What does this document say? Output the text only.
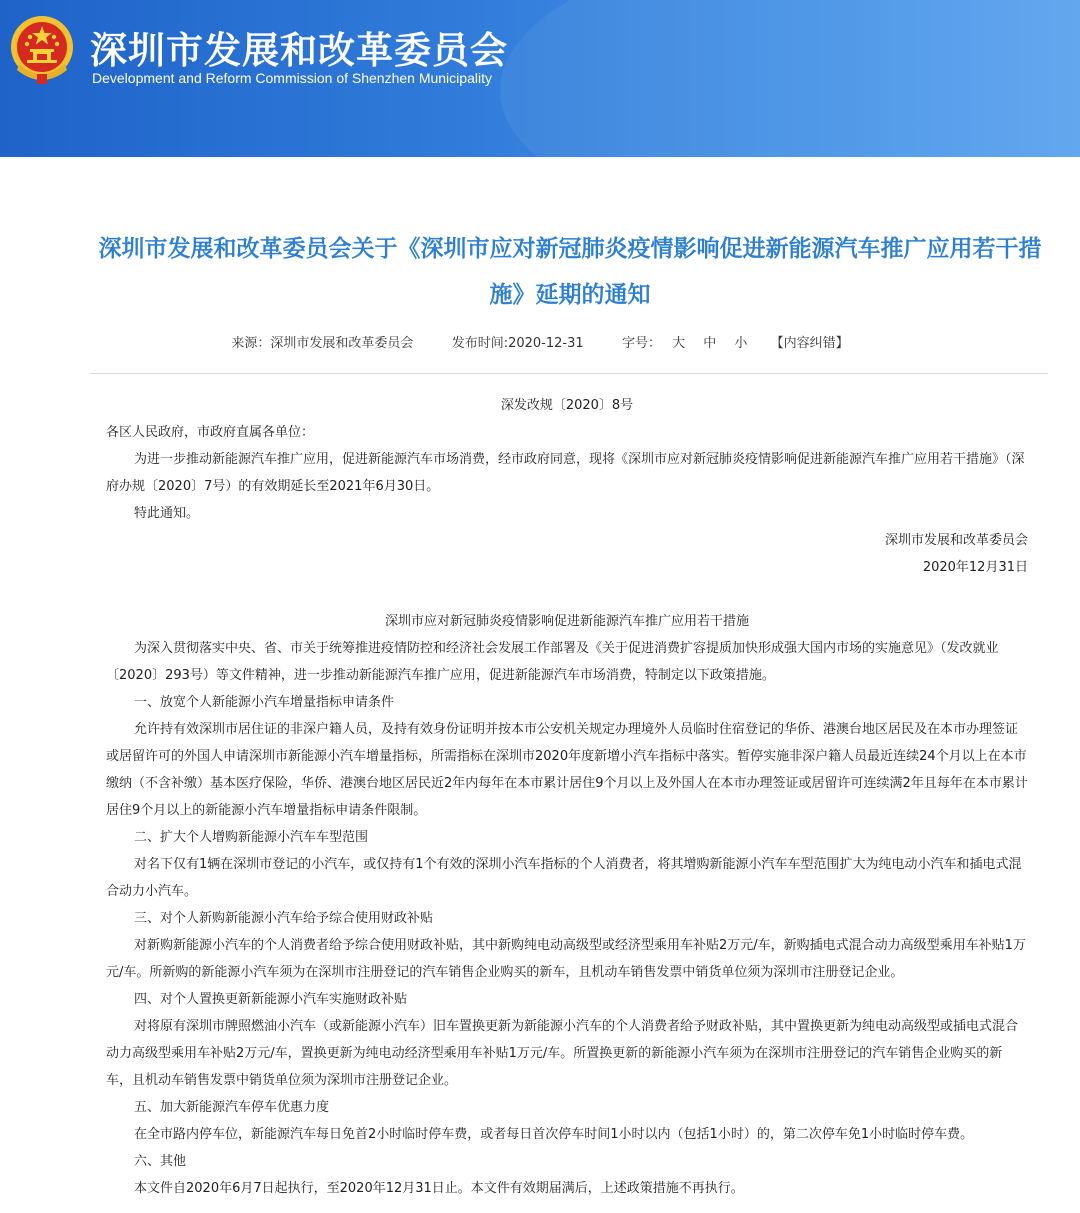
深圳市发展和改革委员会
Development and Reform Commission of Shenzhen Municipality
深圳市发展和改革委员会关于《深圳市应对新冠肺炎疫情影响促进新能源汽车推广应用若干措施》延期的通知
来源：深圳市发展和改革委员会	发布时间:2020-12-31	字号： 大 中 小 【内容纠错】

深发改规〔2020〕8号

各区人民政府，市政府直属各单位：

为进一步推动新能源汽车推广应用，促进新能源汽车市场消费，经市政府同意，现将《深圳市应对新冠肺炎疫情影响促进新能源汽车推广应用若干措施》（深府办规〔2020〕7号）的有效期延长至2021年6月30日。

特此通知。

深圳市发展和改革委员会

2020年12月31日

深圳市应对新冠肺炎疫情影响促进新能源汽车推广应用若干措施

为深入贯彻落实中央、省、市关于统筹推进疫情防控和经济社会发展工作部署及《关于促进消费扩容提质加快形成强大国内市场的实施意见》（发改就业〔2020〕293号）等文件精神，进一步推动新能源汽车推广应用，促进新能源汽车市场消费，特制定以下政策措施。

一、放宽个人新能源小汽车增量指标申请条件

允许持有效深圳市居住证的非深户籍人员，及持有效身份证明并按本市公安机关规定办理境外人员临时住宿登记的华侨、港澳台地区居民及在本市办理签证或居留许可的外国人申请深圳市新能源小汽车增量指标，所需指标在深圳市2020年度新增小汽车指标中落实。暂停实施非深户籍人员最近连续24个月以上在本市缴纳（不含补缴）基本医疗保险，华侨、港澳台地区居民近2年内每年在本市累计居住9个月以上及外国人在本市办理签证或居留许可连续满2年且每年在本市累计居住9个月以上的新能源小汽车增量指标申请条件限制。

二、扩大个人增购新能源小汽车车型范围

对名下仅有1辆在深圳市登记的小汽车，或仅持有1个有效的深圳小汽车指标的个人消费者，将其增购新能源小汽车车型范围扩大为纯电动小汽车和插电式混合动力小汽车。

三、对个人新购新能源小汽车给予综合使用财政补贴

对新购新能源小汽车的个人消费者给予综合使用财政补贴，其中新购纯电动高级型或经济型乘用车补贴2万元/车，新购插电式混合动力高级型乘用车补贴1万元/车。所新购的新能源小汽车须为在深圳市注册登记的汽车销售企业购买的新车，且机动车销售发票中销货单位须为深圳市注册登记企业。

四、对个人置换更新新能源小汽车实施财政补贴

对将原有深圳市牌照燃油小汽车（或新能源小汽车）旧车置换更新为新能源小汽车的个人消费者给予财政补贴，其中置换更新为纯电动高级型或插电式混合动力高级型乘用车补贴2万元/车，置换更新为纯电动经济型乘用车补贴1万元/车。所置换更新的新能源小汽车须为在深圳市注册登记的汽车销售企业购买的新车，且机动车销售发票中销货单位须为深圳市注册登记企业。

五、加大新能源汽车停车优惠力度

在全市路内停车位，新能源汽车每日免首2小时临时停车费，或者每日首次停车时间1小时以内（包括1小时）的，第二次停车免1小时临时停车费。

六、其他

本文件自2020年6月7日起执行，至2020年12月31日止。本文件有效期届满后，上述政策措施不再执行。
